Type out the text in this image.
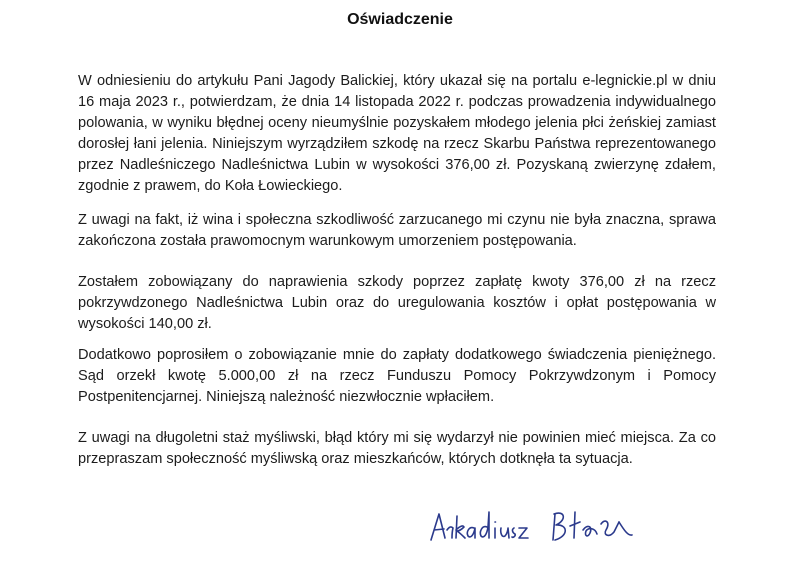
Oświadczenie

W odniesieniu do artykułu Pani Jagody Balickiej, który ukazał się na portalu e-legnickie.pl w dniu 16 maja 2023 r., potwierdzam, że dnia 14 listopada 2022 r. podczas prowadzenia indywidualnego polowania, w wyniku błędnej oceny nieumyślnie pozyskałem młodego jelenia płci żeńskiej zamiast dorosłej łani jelenia. Niniejszym wyrządziłem szkodę na rzecz Skarbu Państwa reprezentowanego przez Nadleśniczego Nadleśnictwa Lubin w wysokości 376,00 zł. Pozyskaną zwierzynę zdałem, zgodnie z prawem, do Koła Łowieckiego.

Z uwagi na fakt, iż wina i społeczna szkodliwość zarzucanego mi czynu nie była znaczna, sprawa zakończona została prawomocnym warunkowym umorzeniem postępowania.

Zostałem zobowiązany do naprawienia szkody poprzez zapłatę kwoty 376,00 zł na rzecz pokrzywdzonego Nadleśnictwa Lubin oraz do uregulowania kosztów i opłat postępowania w wysokości 140,00 zł.

Dodatkowo poprosiłem o zobowiązanie mnie do zapłaty dodatkowego świadczenia pieniężnego. Sąd orzekł kwotę 5.000,00 zł na rzecz Funduszu Pomocy Pokrzywdzonym i Pomocy Postpenitencjarnej. Niniejszą należność niezwłocznie wpłaciłem.

Z uwagi na długoletni staż myśliwski, błąd który mi się wydarzył nie powinien mieć miejsca. Za co przepraszam społeczność myśliwską oraz mieszkańców, których dotknęła ta sytuacja.
